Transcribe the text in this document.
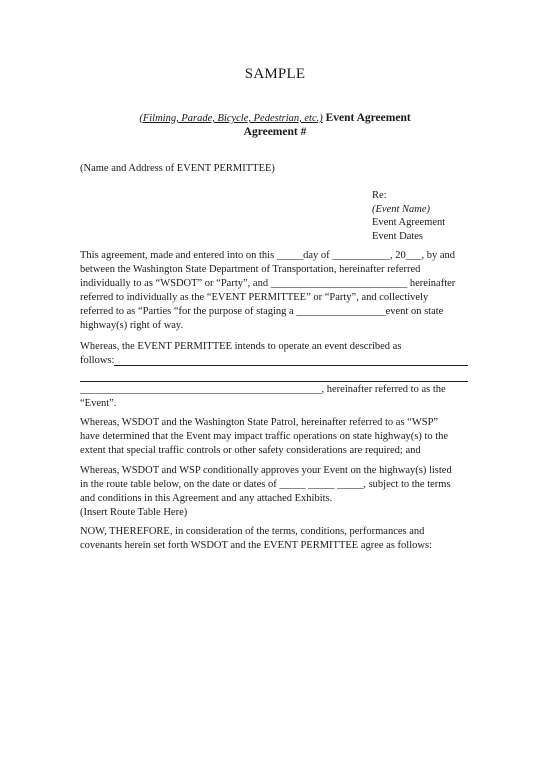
SAMPLE
(Filming, Parade, Bicycle, Pedestrian, etc.) Event Agreement
Agreement #
(Name and Address of EVENT PERMITTEE)
Re:
(Event Name)
Event Agreement
Event Dates
This agreement, made and entered into on this _____day of ___________, 20___, by and
between the Washington State Department of Transportation, hereinafter referred
individually to as “WSDOT” or “Party”, and __________________________ hereinafter
referred to individually as the “EVENT PERMITTEE” or “Party”, and collectively
referred to as “Parties “for the purpose of staging a _________________event on state
highway(s) right of way.
Whereas, the EVENT PERMITTEE intends to operate an event described as
follows:
______________________________________________, hereinafter referred to as the
“Event”.
Whereas, WSDOT and the Washington State Patrol, hereinafter referred to as “WSP”
have determined that the Event may impact traffic operations on state highway(s) to the
extent that special traffic controls or other safety considerations are required; and
Whereas, WSDOT and WSP conditionally approves your Event on the highway(s) listed
in the route table below, on the date or dates of _____ _____ _____, subject to the terms
and conditions in this Agreement and any attached Exhibits.
(Insert Route Table Here)
NOW, THEREFORE, in consideration of the terms, conditions, performances and
covenants herein set forth WSDOT and the EVENT PERMITTEE agree as follows:
